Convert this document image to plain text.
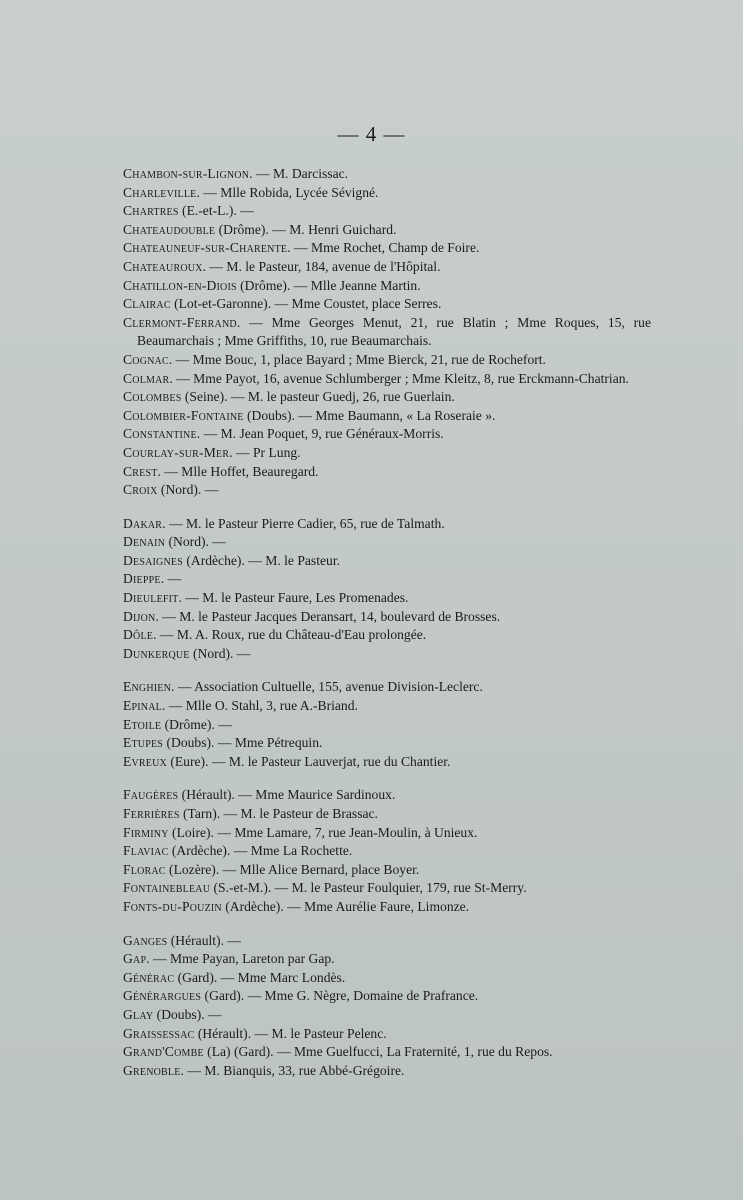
— 4 —
Chambon-sur-Lignon. — M. Darcissac.
Charleville. — Mlle Robida, Lycée Sévigné.
Chartres (E.-et-L.). —
Chateaudouble (Drôme). — M. Henri Guichard.
Chateauneuf-sur-Charente. — Mme Rochet, Champ de Foire.
Chateauroux. — M. le Pasteur, 184, avenue de l'Hôpital.
Chatillon-en-Diois (Drôme). — Mlle Jeanne Martin.
Clairac (Lot-et-Garonne). — Mme Coustet, place Serres.
Clermont-Ferrand. — Mme Georges Menut, 21, rue Blatin ; Mme Roques, 15, rue Beaumarchais ; Mme Griffiths, 10, rue Beaumarchais.
Cognac. — Mme Bouc, 1, place Bayard ; Mme Bierck, 21, rue de Rochefort.
Colmar. — Mme Payot, 16, avenue Schlumberger ; Mme Kleitz, 8, rue Erckmann-Chatrian.
Colombes (Seine). — M. le pasteur Guedj, 26, rue Guerlain.
Colombier-Fontaine (Doubs). — Mme Baumann, « La Roseraie ».
Constantine. — M. Jean Poquet, 9, rue Généraux-Morris.
Courlay-sur-Mer. — Pr Lung.
Crest. — Mlle Hoffet, Beauregard.
Croix (Nord). —
Dakar. — M. le Pasteur Pierre Cadier, 65, rue de Talmath.
Denain (Nord). —
Desaignes (Ardèche). — M. le Pasteur.
Dieppe. —
Dieulefit. — M. le Pasteur Faure, Les Promenades.
Dijon. — M. le Pasteur Jacques Deransart, 14, boulevard de Brosses.
Dôle. — M. A. Roux, rue du Château-d'Eau prolongée.
Dunkerque (Nord). —
Enghien. — Association Cultuelle, 155, avenue Division-Leclerc.
Epinal. — Mlle O. Stahl, 3, rue A.-Briand.
Etoile (Drôme). —
Etupes (Doubs). — Mme Pétrequin.
Evreux (Eure). — M. le Pasteur Lauverjat, rue du Chantier.
Faugères (Hérault). — Mme Maurice Sardinoux.
Ferrières (Tarn). — M. le Pasteur de Brassac.
Firminy (Loire). — Mme Lamare, 7, rue Jean-Moulin, à Unieux.
Flaviac (Ardèche). — Mme La Rochette.
Florac (Lozère). — Mlle Alice Bernard, place Boyer.
Fontainebleau (S.-et-M.). — M. le Pasteur Foulquier, 179, rue St-Merry.
Fonts-du-Pouzin (Ardèche). — Mme Aurélie Faure, Limonze.
Ganges (Hérault). —
Gap. — Mme Payan, Lareton par Gap.
Générac (Gard). — Mme Marc Londès.
Générargues (Gard). — Mme G. Nègre, Domaine de Prafrance.
Glay (Doubs). —
Graissessac (Hérault). — M. le Pasteur Pelenc.
Grand'Combe (La) (Gard). — Mme Guelfucci, La Fraternité, 1, rue du Repos.
Grenoble. — M. Bianquis, 33, rue Abbé-Grégoire.
